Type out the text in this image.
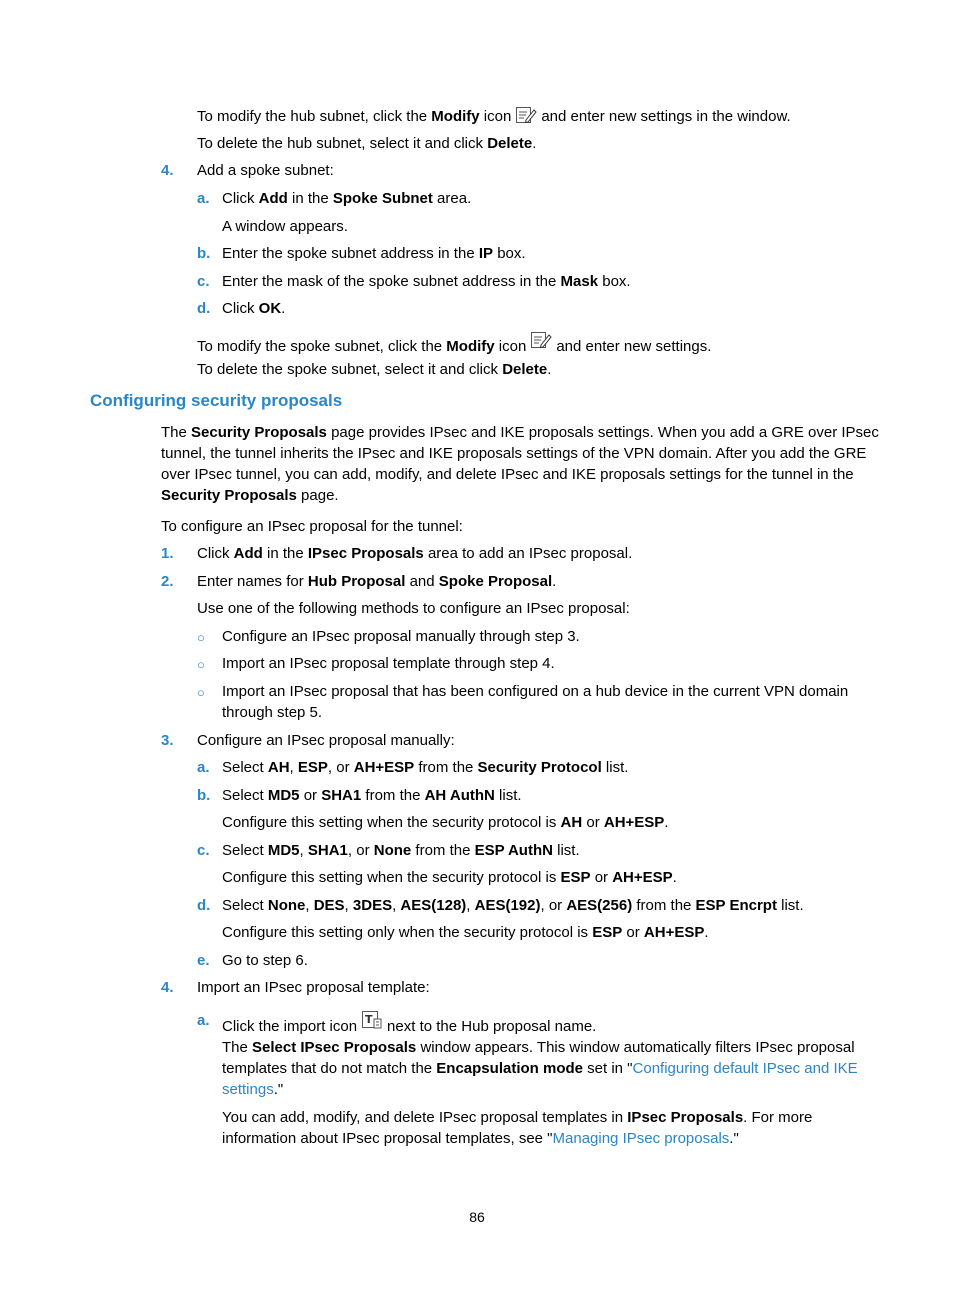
To modify the hub subnet, click the Modify icon and enter new settings in the window.
To delete the hub subnet, select it and click Delete.
4. Add a spoke subnet:
a. Click Add in the Spoke Subnet area.
A window appears.
b. Enter the spoke subnet address in the IP box.
c. Enter the mask of the spoke subnet address in the Mask box.
d. Click OK.
To modify the spoke subnet, click the Modify icon and enter new settings.
To delete the spoke subnet, select it and click Delete.
Configuring security proposals
The Security Proposals page provides IPsec and IKE proposals settings. When you add a GRE over IPsec
tunnel, the tunnel inherits the IPsec and IKE proposals settings of the VPN domain. After you add the GRE
over IPsec tunnel, you can add, modify, and delete IPsec and IKE proposals settings for the tunnel in the
Security Proposals page.
To configure an IPsec proposal for the tunnel:
1. Click Add in the IPsec Proposals area to add an IPsec proposal.
2. Enter names for Hub Proposal and Spoke Proposal.
Use one of the following methods to configure an IPsec proposal:
○ Configure an IPsec proposal manually through step 3.
○ Import an IPsec proposal template through step 4.
○ Import an IPsec proposal that has been configured on a hub device in the current VPN domain
through step 5.
3. Configure an IPsec proposal manually:
a. Select AH, ESP, or AH+ESP from the Security Protocol list.
b. Select MD5 or SHA1 from the AH AuthN list.
Configure this setting when the security protocol is AH or AH+ESP.
c. Select MD5, SHA1, or None from the ESP AuthN list.
Configure this setting when the security protocol is ESP or AH+ESP.
d. Select None, DES, 3DES, AES(128), AES(192), or AES(256) from the ESP Encrpt list.
Configure this setting only when the security protocol is ESP or AH+ESP.
e. Go to step 6.
4. Import an IPsec proposal template:
a. Click the import icon T next to the Hub proposal name.
The Select IPsec Proposals window appears. This window automatically filters IPsec proposal
templates that do not match the Encapsulation mode set in "Configuring default IPsec and IKE
settings."
You can add, modify, and delete IPsec proposal templates in IPsec Proposals. For more
information about IPsec proposal templates, see "Managing IPsec proposals."
86
